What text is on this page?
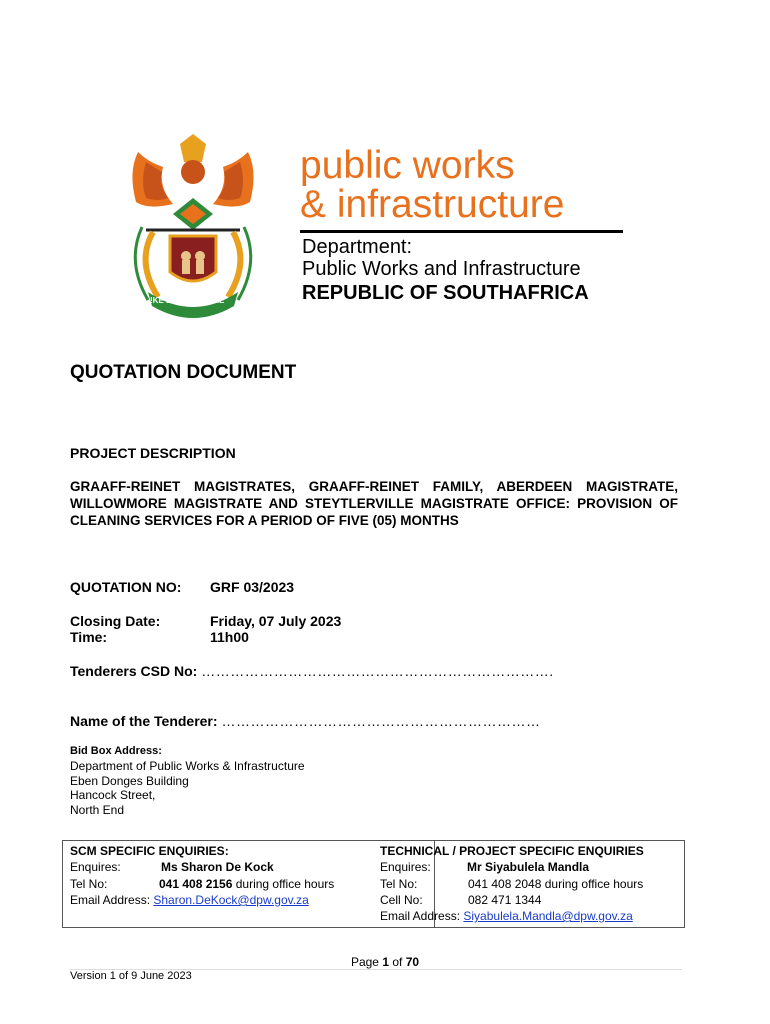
!KE E: /XARRA //KE
public works
& infrastructure
Department:
Public Works and Infrastructure
REPUBLIC OF SOUTHAFRICA
QUOTATION DOCUMENT
PROJECT DESCRIPTION
GRAAFF-REINET MAGISTRATES, GRAAFF-REINET FAMILY, ABERDEEN MAGISTRATE, WILLOWMORE MAGISTRATE AND STEYTLERVILLE MAGISTRATE OFFICE: PROVISION OF CLEANING SERVICES FOR A PERIOD OF FIVE (05) MONTHS
QUOTATION NO: GRF 03/2023
Closing Date:	Friday, 07 July 2023
Time:	11h00
Tenderers CSD No: ……………………………………………………………….
Name of the Tenderer: …………………………………………………………
Bid Box Address:
Department of Public Works & Infrastructure
Eben Donges Building
Hancock Street,
North End
SCM SPECIFIC ENQUIRIES:
Enquires:	Ms Sharon De Kock
Tel No:	041 408 2156 during office hours
Email Address: Sharon.DeKock@dpw.gov.za
TECHNICAL / PROJECT SPECIFIC ENQUIRIES
Enquires:	Mr Siyabulela Mandla
Tel No:	041 408 2048 during office hours
Cell No:	082 471 1344
Email Address: Siyabulela.Mandla@dpw.gov.za
Page 1 of 70
Version 1 of 9 June 2023
